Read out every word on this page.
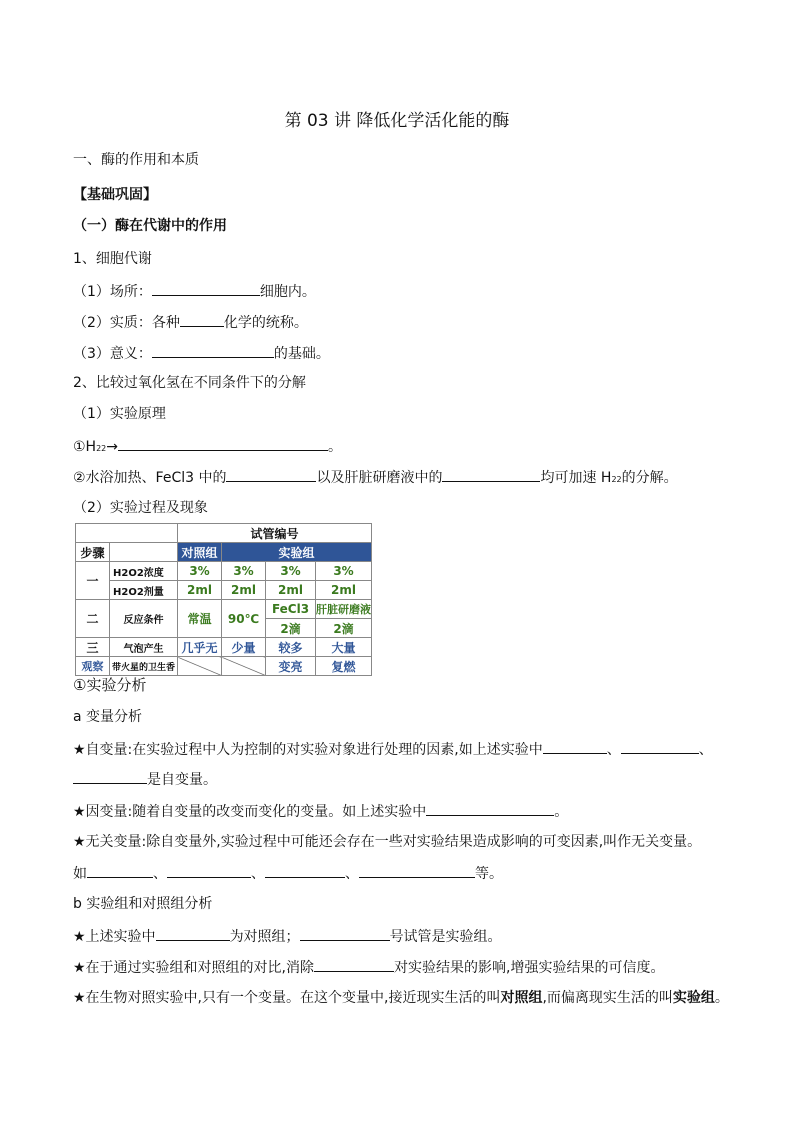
第 03 讲 降低化学活化能的酶
一、酶的作用和本质
【基础巩固】
（一）酶在代谢中的作用
1、细胞代谢
（1）场所：	细胞内。
（2）实质：各种	化学的统称。
（3）意义：	的基础。
2、比较过氧化氢在不同条件下的分解
（1）实验原理
①H22→	。
②水浴加热、FeCl3 中的	以及肝脏研磨液中的	均可加速 H22的分解。
（2）实验过程及现象
		试管编号			
步骤		对照组	实验组		
一	H2O2浓度	3%	3%	3%	3%
	H2O2剂量	2ml	2ml	2ml	2ml
二	反应条件	常温	90℃	FeCl3	肝脏研磨液
				2滴	2滴
三	气泡产生	几乎无	少量	较多	大量
观察	带火星的卫生香			变亮	复燃
①实验分析
a 变量分析
★自变量:在实验过程中人为控制的对实验对象进行处理的因素,如上述实验中	、	、
是自变量。
★因变量:随着自变量的改变而变化的变量。如上述实验中	。
★无关变量:除自变量外,实验过程中可能还会存在一些对实验结果造成影响的可变因素,叫作无关变量。
如	、	、	、	等。
b 实验组和对照组分析
★上述实验中	为对照组；	号试管是实验组。
★在于通过实验组和对照组的对比,消除	对实验结果的影响,增强实验结果的可信度。
★在生物对照实验中,只有一个变量。在这个变量中,接近现实生活的叫对照组,而偏离现实生活的叫实验组。
